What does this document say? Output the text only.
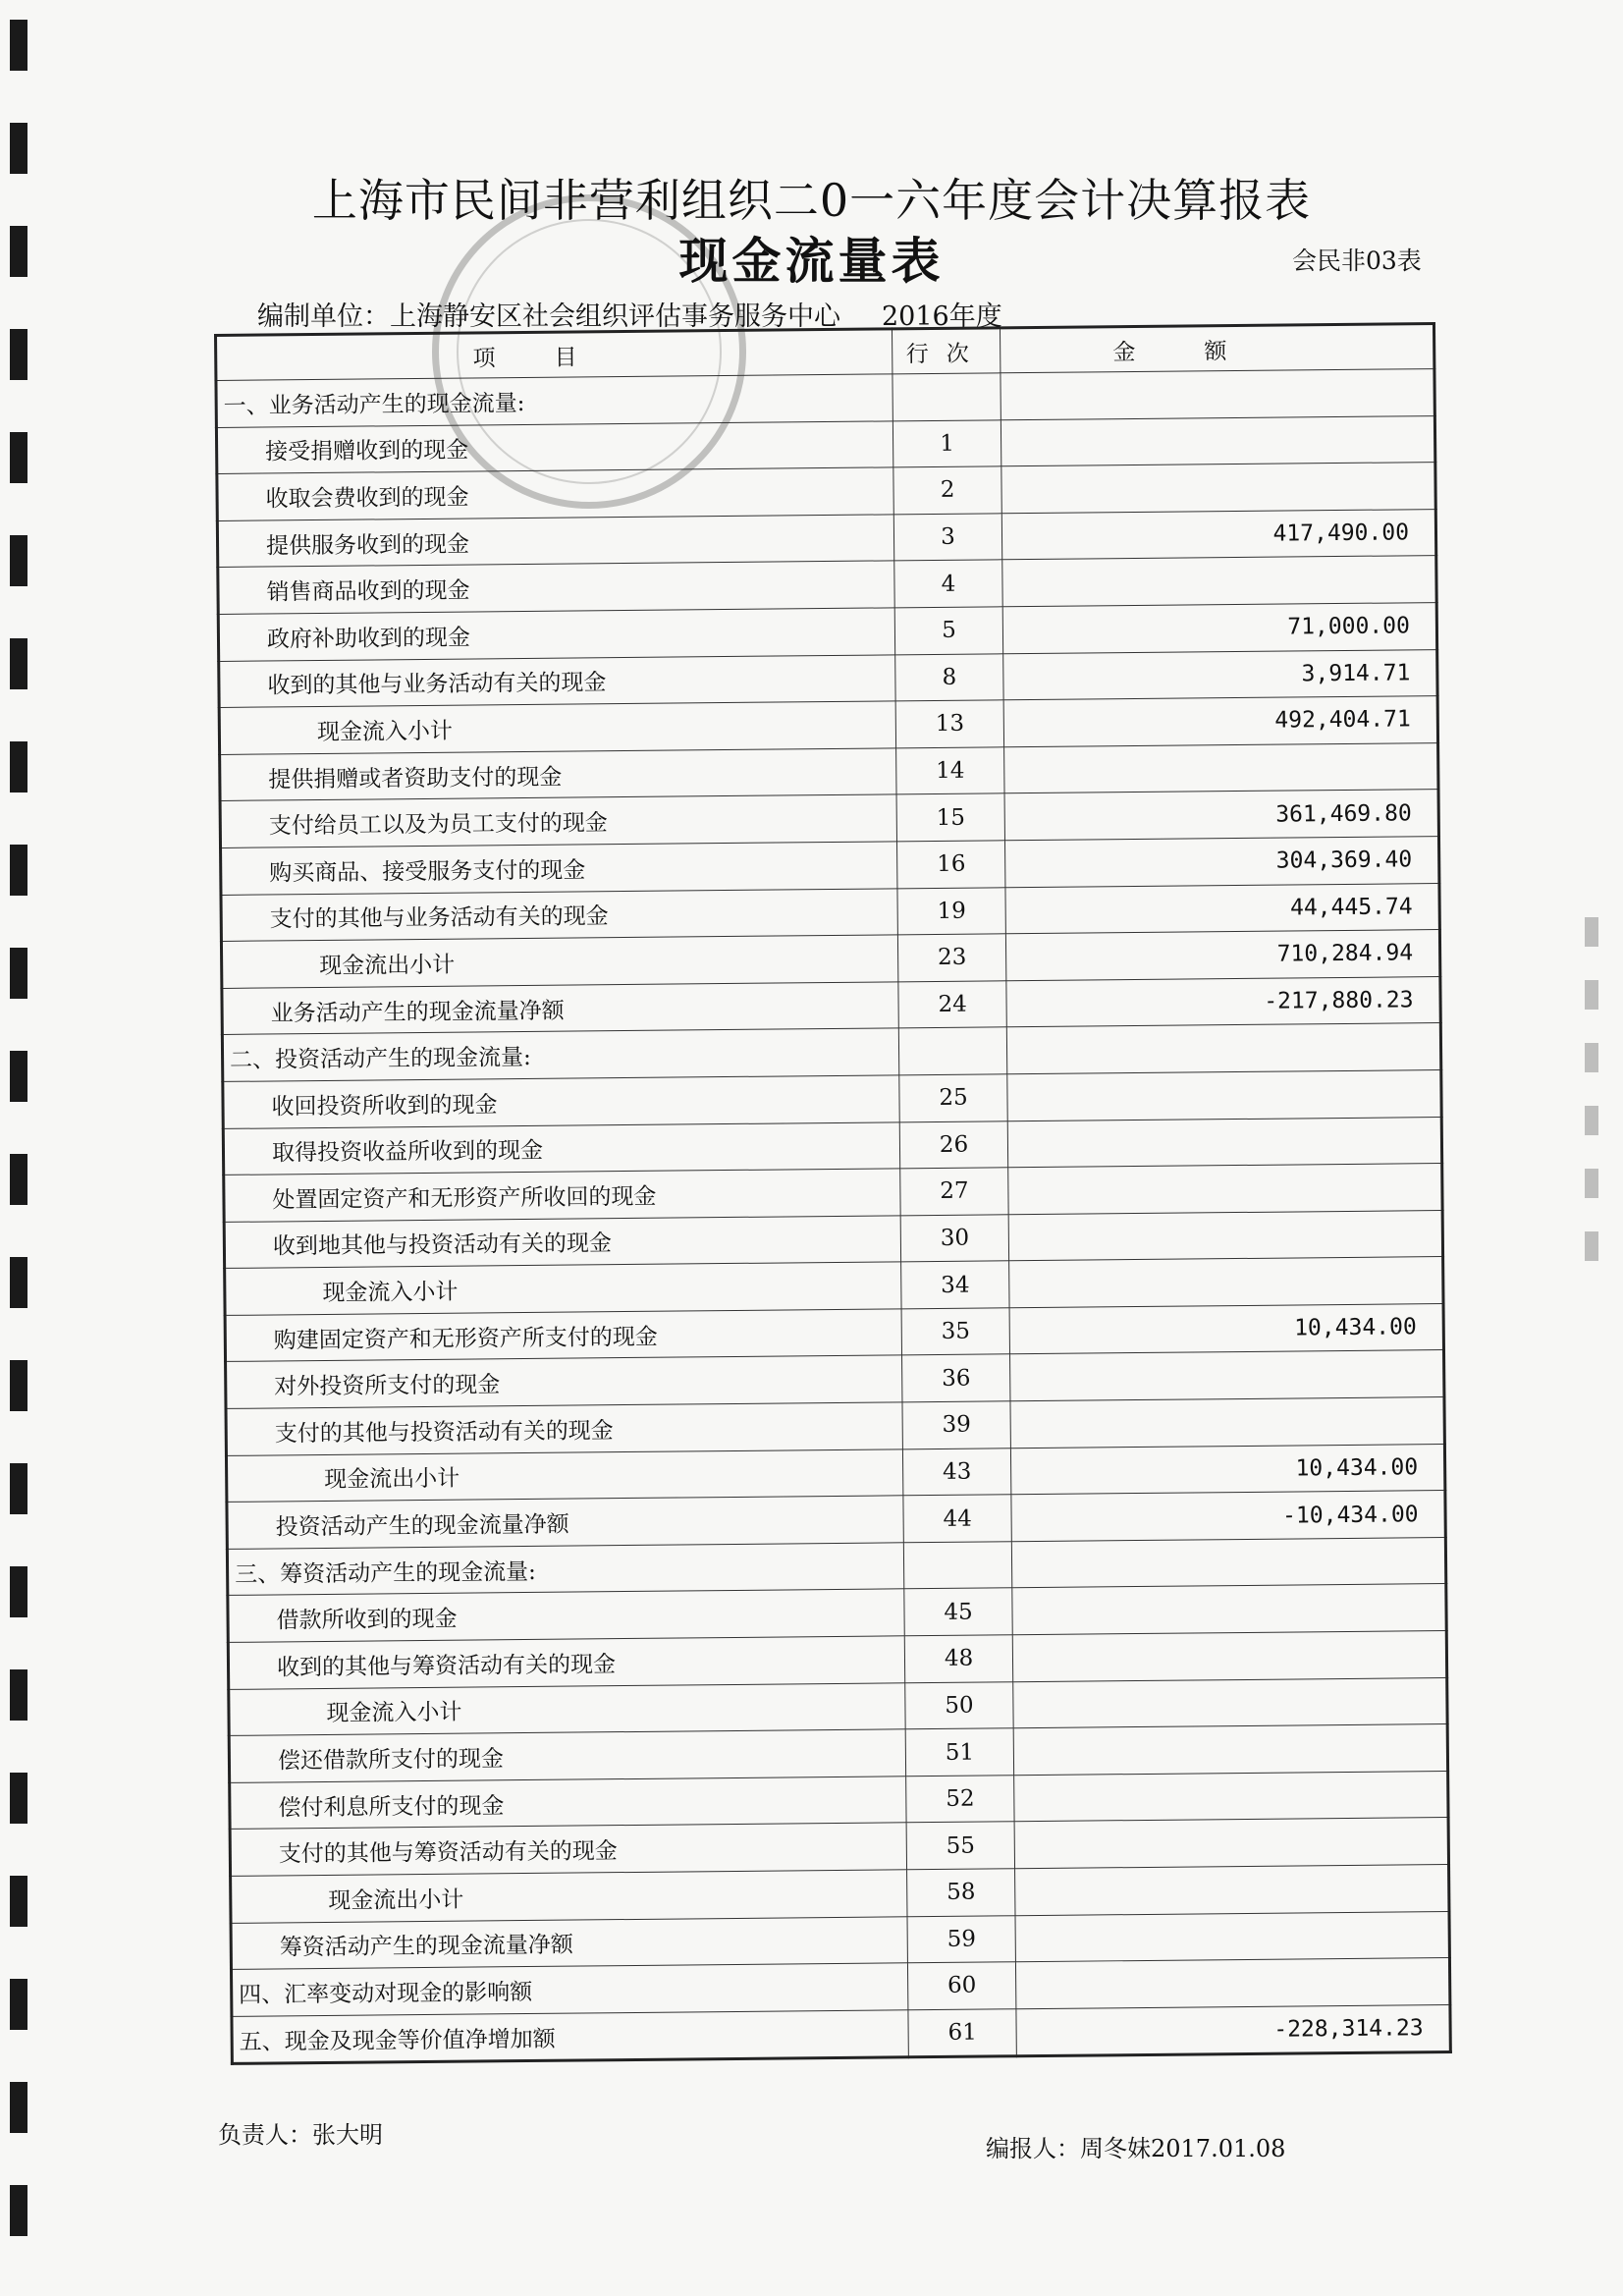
上海市民间非营利组织二0一六年度会计决算报表
现金流量表	会民非03表
编制单位：上海静安区社会组织评估事务服务中心 2016年度
项目	行次	金额
一、业务活动产生的现金流量:		
接受捐赠收到的现金	1	
收取会费收到的现金	2	
提供服务收到的现金	3	417,490.00
销售商品收到的现金	4	
政府补助收到的现金	5	71,000.00
收到的其他与业务活动有关的现金	8	3,914.71
现金流入小计	13	492,404.71
提供捐赠或者资助支付的现金	14	
支付给员工以及为员工支付的现金	15	361,469.80
购买商品、接受服务支付的现金	16	304,369.40
支付的其他与业务活动有关的现金	19	44,445.74
现金流出小计	23	710,284.94
业务活动产生的现金流量净额	24	-217,880.23
二、投资活动产生的现金流量:		
收回投资所收到的现金	25	
取得投资收益所收到的现金	26	
处置固定资产和无形资产所收回的现金	27	
收到地其他与投资活动有关的现金	30	
现金流入小计	34	
购建固定资产和无形资产所支付的现金	35	10,434.00
对外投资所支付的现金	36	
支付的其他与投资活动有关的现金	39	
现金流出小计	43	10,434.00
投资活动产生的现金流量净额	44	-10,434.00
三、筹资活动产生的现金流量:		
借款所收到的现金	45	
收到的其他与筹资活动有关的现金	48	
现金流入小计	50	
偿还借款所支付的现金	51	
偿付利息所支付的现金	52	
支付的其他与筹资活动有关的现金	55	
现金流出小计	58	
筹资活动产生的现金流量净额	59	
四、汇率变动对现金的影响额	60	
五、现金及现金等价值净增加额	61	-228,314.23
负责人：张大明	编报人：周冬妹2017.01.08
